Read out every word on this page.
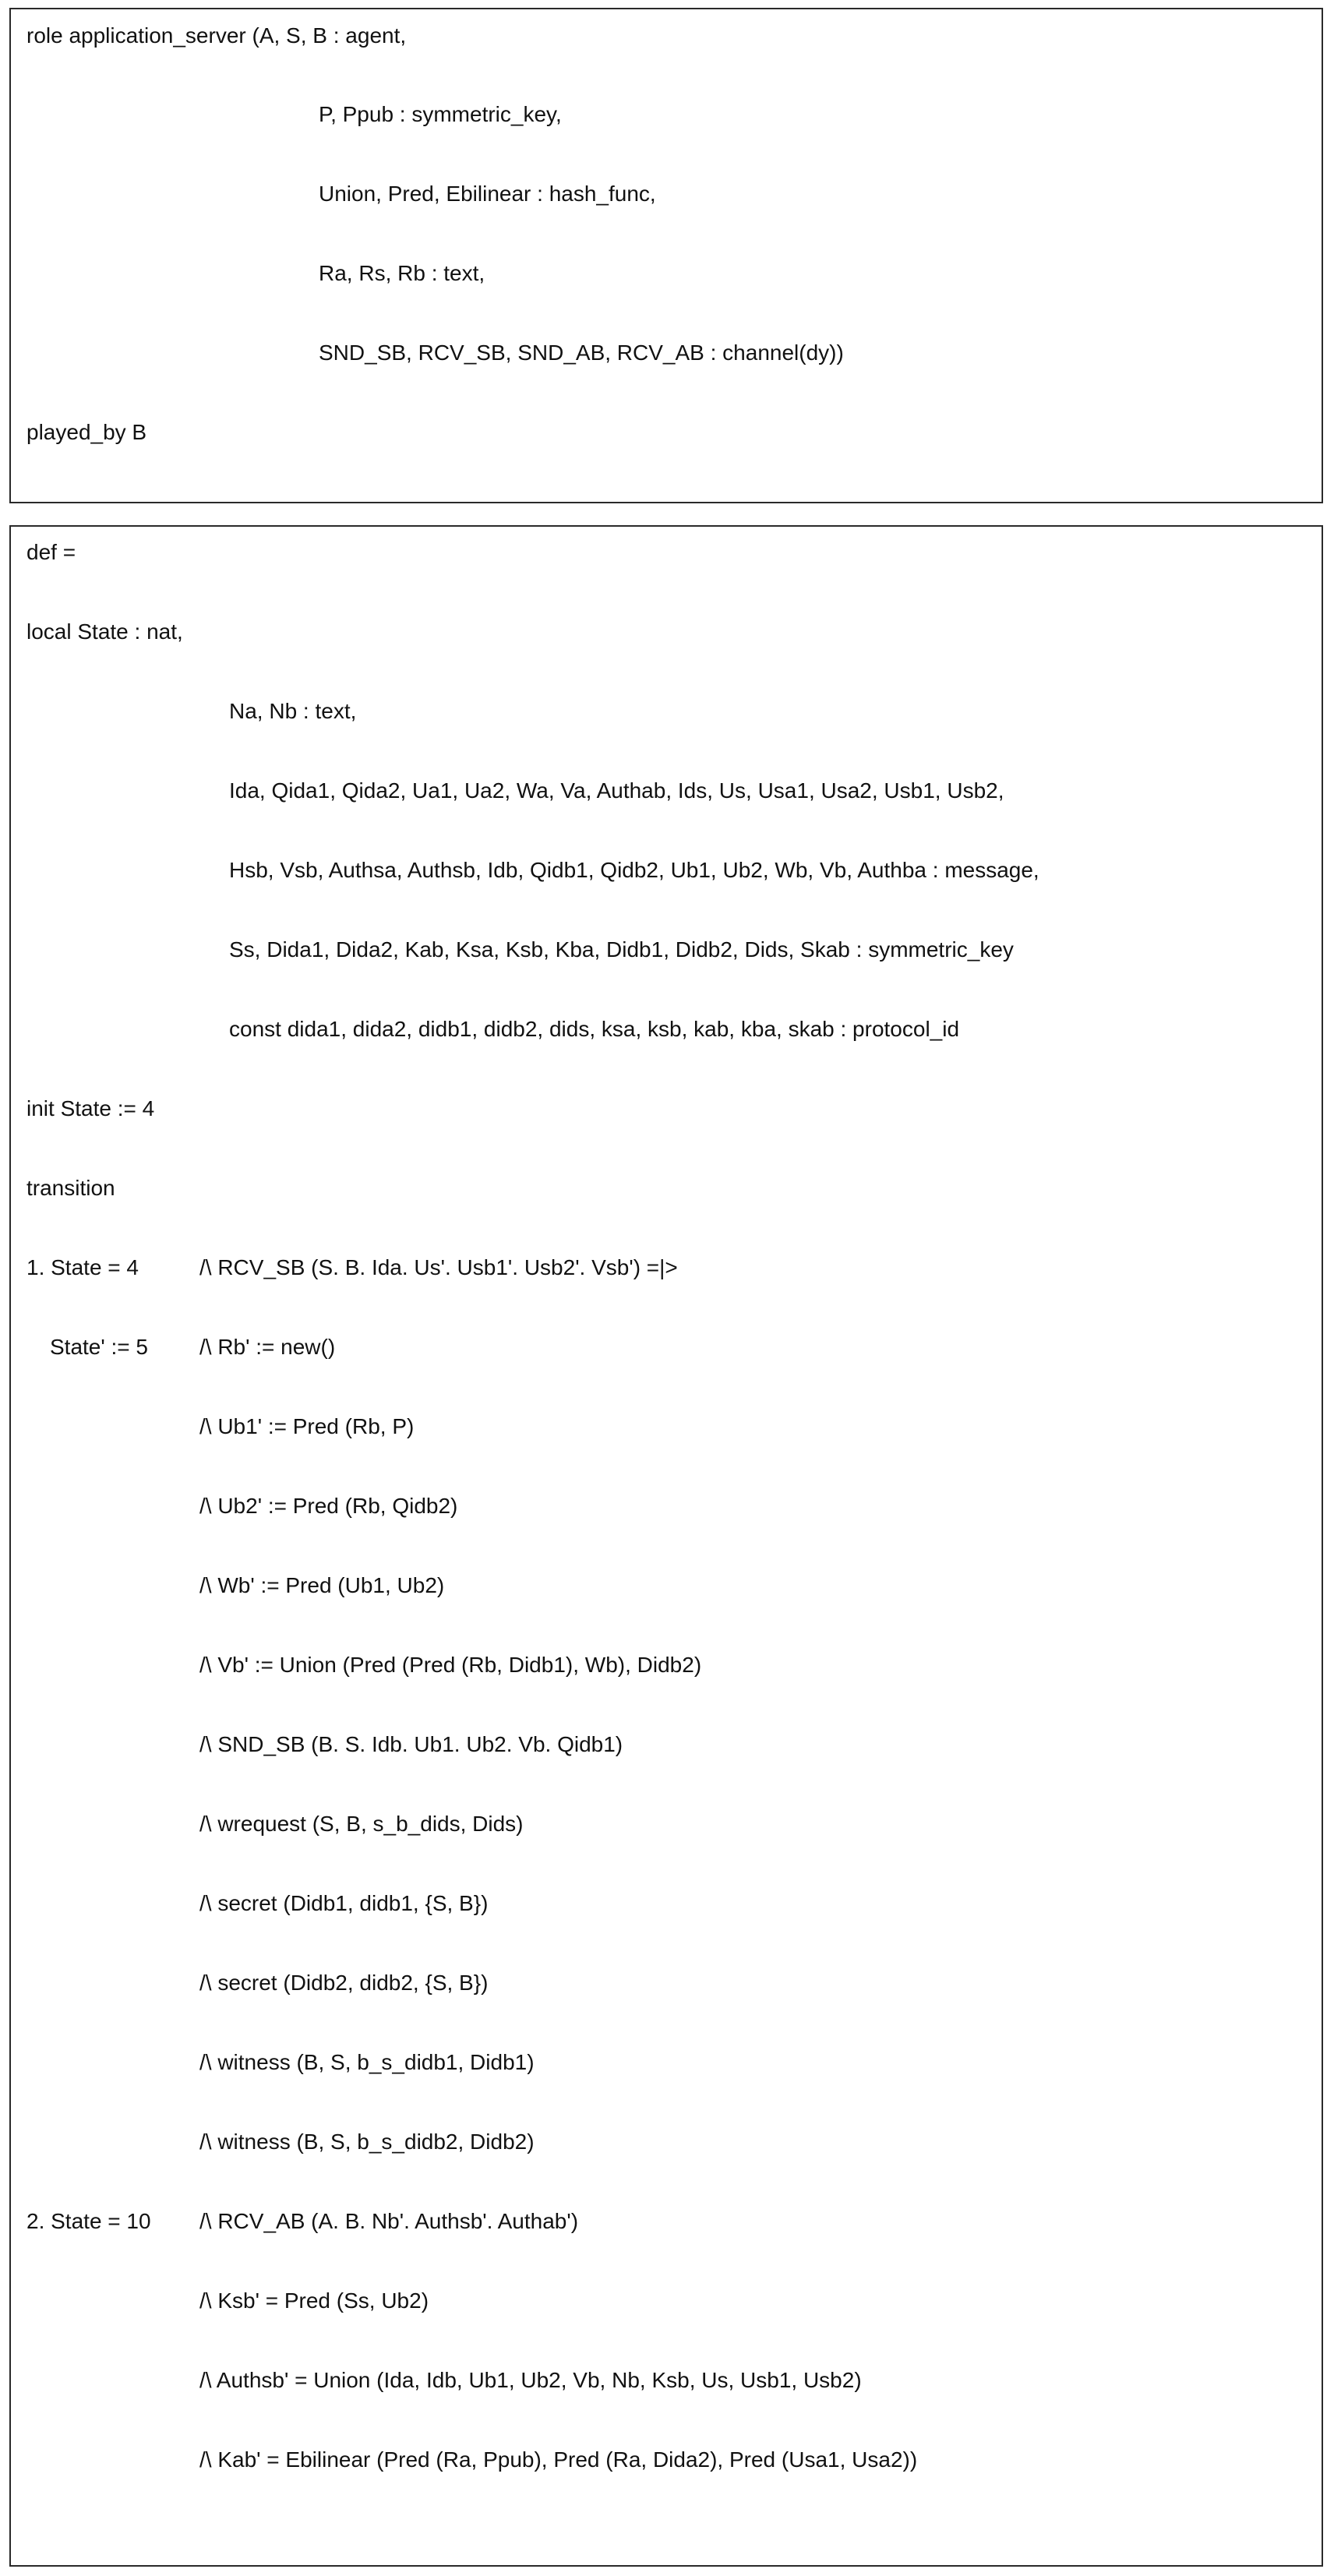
role application_server (A, S, B : agent,
P, Ppub : symmetric_key,
Union, Pred, Ebilinear : hash_func,
Ra, Rs, Rb : text,
SND_SB, RCV_SB, SND_AB, RCV_AB : channel(dy))
played_by B
def =
local State : nat,
Na, Nb : text,
Ida, Qida1, Qida2, Ua1, Ua2, Wa, Va, Authab, Ids, Us, Usa1, Usa2, Usb1, Usb2,
Hsb, Vsb, Authsa, Authsb, Idb, Qidb1, Qidb2, Ub1, Ub2, Wb, Vb, Authba : message,
Ss, Dida1, Dida2, Kab, Ksa, Ksb, Kba, Didb1, Didb2, Dids, Skab : symmetric_key
const dida1, dida2, didb1, didb2, dids, ksa, ksb, kab, kba, skab : protocol_id
init State := 4
transition
1. State = 4	/\ RCV_SB (S. B. Ida. Us'. Usb1'. Usb2'. Vsb') =|>
State' := 5 /\ Rb' := new()
/\ Ub1' := Pred (Rb, P)
/\ Ub2' := Pred (Rb, Qidb2)
/\ Wb' := Pred (Ub1, Ub2)
/\ Vb' := Union (Pred (Pred (Rb, Didb1), Wb), Didb2)
/\ SND_SB (B. S. Idb. Ub1. Ub2. Vb. Qidb1)
/\ wrequest (S, B, s_b_dids, Dids)
/\ secret (Didb1, didb1, {S, B})
/\ secret (Didb2, didb2, {S, B})
/\ witness (B, S, b_s_didb1, Didb1)
/\ witness (B, S, b_s_didb2, Didb2)
2. State = 10 /\ RCV_AB (A. B. Nb'. Authsb'. Authab')
/\ Ksb' = Pred (Ss, Ub2)
/\ Authsb' = Union (Ida, Idb, Ub1, Ub2, Vb, Nb, Ksb, Us, Usb1, Usb2)
/\ Kab' = Ebilinear (Pred (Ra, Ppub), Pred (Ra, Dida2), Pred (Usa1, Usa2))
